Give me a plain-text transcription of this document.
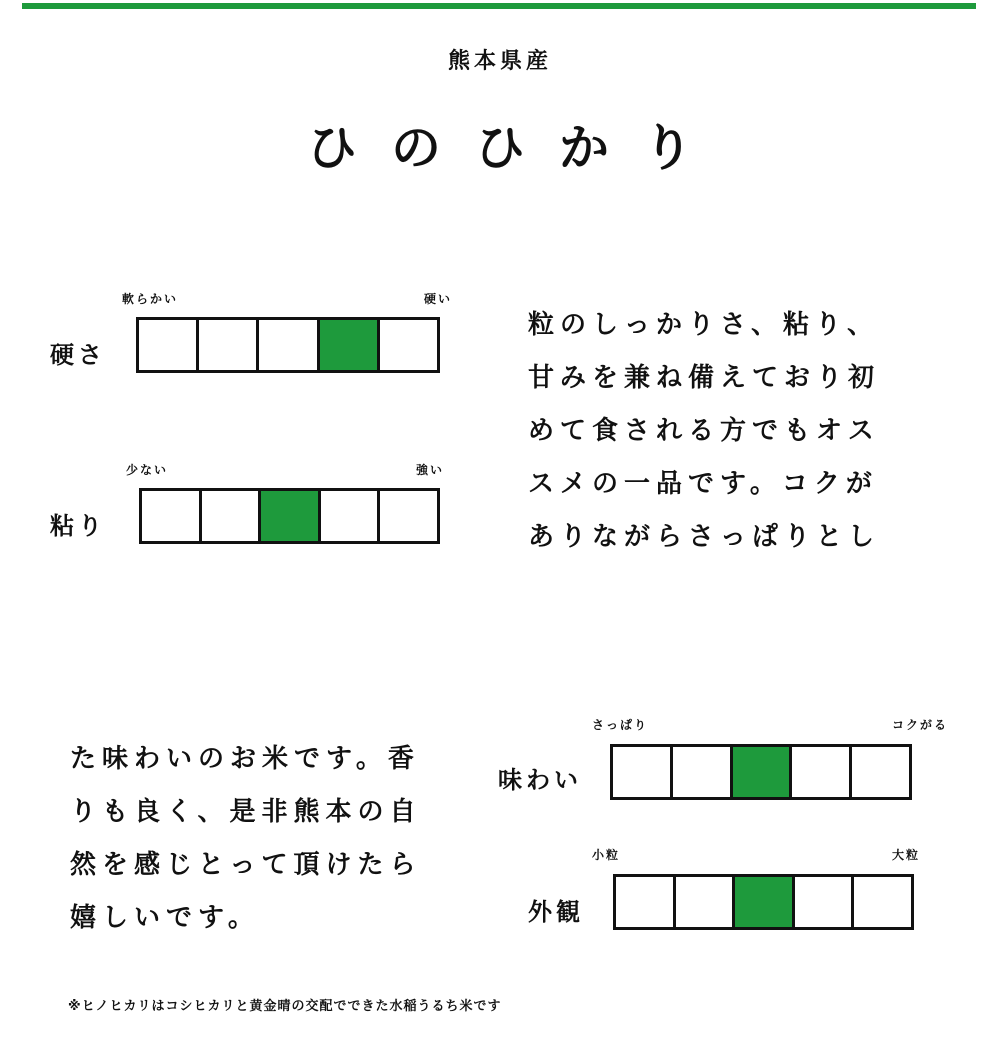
熊本県産
ひのひかり
軟らかい	硬い
硬さ
少ない	強い
粘り
粒のしっかりさ、粘り、
甘みを兼ね備えており初
めて食される方でもオス
スメの一品です。コクが
ありながらさっぱりとし
た味わいのお米です。香
りも良く、是非熊本の自
然を感じとって頂けたら
嬉しいです。
さっぱり	コクがる
味わい
小粒	大粒
外観
※ヒノヒカリはコシヒカリと黄金晴の交配でできた水稲うるち米です
